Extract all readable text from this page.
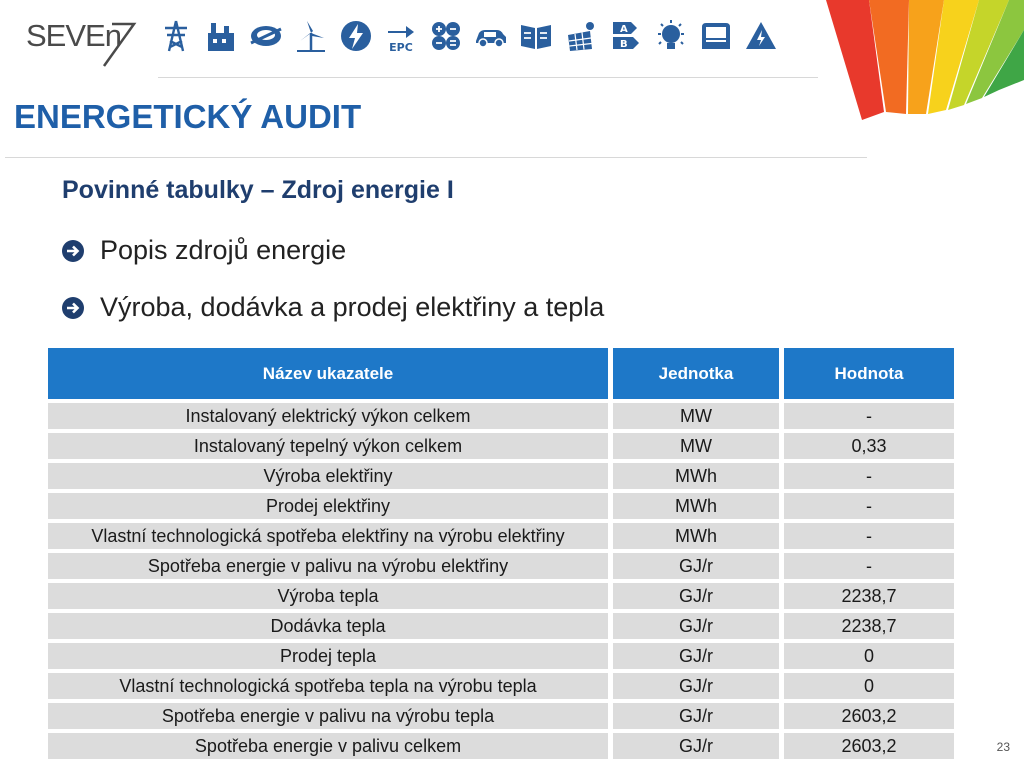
SEVEn	EPC
A
B
ENERGETICKÝ AUDIT
Povinné tabulky – Zdroj energie I
Popis zdrojů energie
Výroba, dodávka a prodej elektřiny a tepla
Název ukazatele	Jednotka	Hodnota
Instalovaný elektrický výkon celkem	MW	-
Instalovaný tepelný výkon celkem	MW	0,33
Výroba elektřiny	MWh	-
Prodej elektřiny	MWh	-
Vlastní technologická spotřeba elektřiny na výrobu elektřiny	MWh	-
Spotřeba energie v palivu na výrobu elektřiny	GJ/r	-
Výroba tepla	GJ/r	2238,7
Dodávka tepla	GJ/r	2238,7
Prodej tepla	GJ/r	0
Vlastní technologická spotřeba tepla na výrobu tepla	GJ/r	0
Spotřeba energie v palivu na výrobu tepla	GJ/r	2603,2
Spotřeba energie v palivu celkem	GJ/r	2603,2	23
